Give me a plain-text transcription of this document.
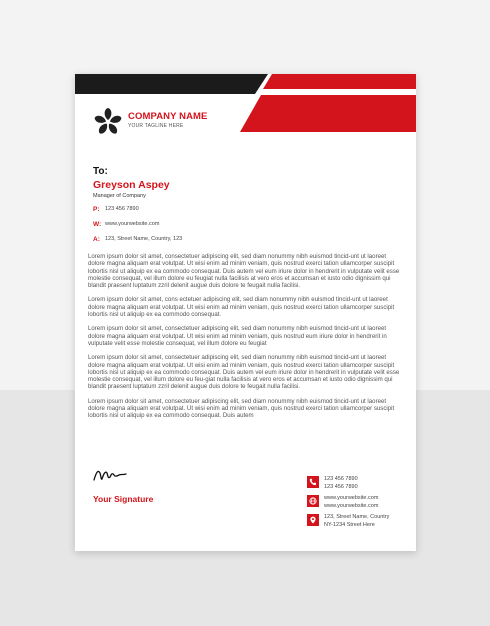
COMPANY NAME
YOUR TAGLINE HERE
To:
Greyson Aspey
Manager of Company
P:	123 456 7890
W: www.yourwebsite.com
A: 123, Street Name, Country, 123

Lorem ipsum dolor sit amet, consectetuer adipiscing elit, sed diam nonummy nibh euismod tincid-unt ut laoreet dolore magna aliquam erat volutpat. Ut wisi enim ad minim veniam, quis nostrud exerci tation ullamcorper suscipit lobortis nisl ut aliquip ex ea commodo consequat. Duis autem vel eum iriure dolor in hendrerit in vulputate velit esse molestie consequat, vel illum dolore eu feugiat nulla facilisis at vero eros et accumsan et iusto odio dignissim qui blandit praesent luptatum zzril delenit augue duis dolore te feugait nulla facilisi.

Lorem ipsum dolor sit amet, cons ectetuer adipiscing elit, sed diam nonummy nibh euismod tincid-unt ut laoreet dolore magna aliquam erat volutpat. Ut wisi enim ad minim veniam, quis nostrud exerci tation ullamcorper suscipit lobortis nisl ut aliquip ex ea commodo consequat.

Lorem ipsum dolor sit amet, consectetuer adipiscing elit, sed diam nonummy nibh euismod tincid-unt ut laoreet dolore magna aliquam erat volutpat. Ut wisi enim ad minim veniam, quis nostrud eum iriure dolor in hendrerit in vulputate velit esse molestie consequat, vel illum dolore eu feugiat

Lorem ipsum dolor sit amet, consectetuer adipiscing elit, sed diam nonummy nibh euismod tincid-unt ut laoreet dolore magna aliquam erat volutpat. Ut wisi enim ad minim veniam, quis nostrud exerci tation ullamcorper suscipit lobortis nisl ut aliquip ex ea commodo consequat. Duis autem vel eum iriure dolor in hendrerit in vulputate velit esse molestie consequat, vel illum dolore eu feu-giat nulla facilisis at vero eros et accumsan et iusto odio dignissim qui blandit praesent luptatum zzril delenit augue duis dolore te feugait nulla facilisi.

Lorem ipsum dolor sit amet, consectetuer adipiscing elit, sed diam nonummy nibh euismod tincid-unt ut laoreet dolore magna aliquam erat volutpat. Ut wisi enim ad minim veniam, quis nostrud exerci tation ullamcorper suscipit lobortis nisl ut aliquip ex ea commodo consequat. Duis autem

Your Signature
123 456 7890
123 456 7890
www.yourwebsite.com
www.yourwebsite.com
123, Street Name, Country
NY-1234 Street Here
